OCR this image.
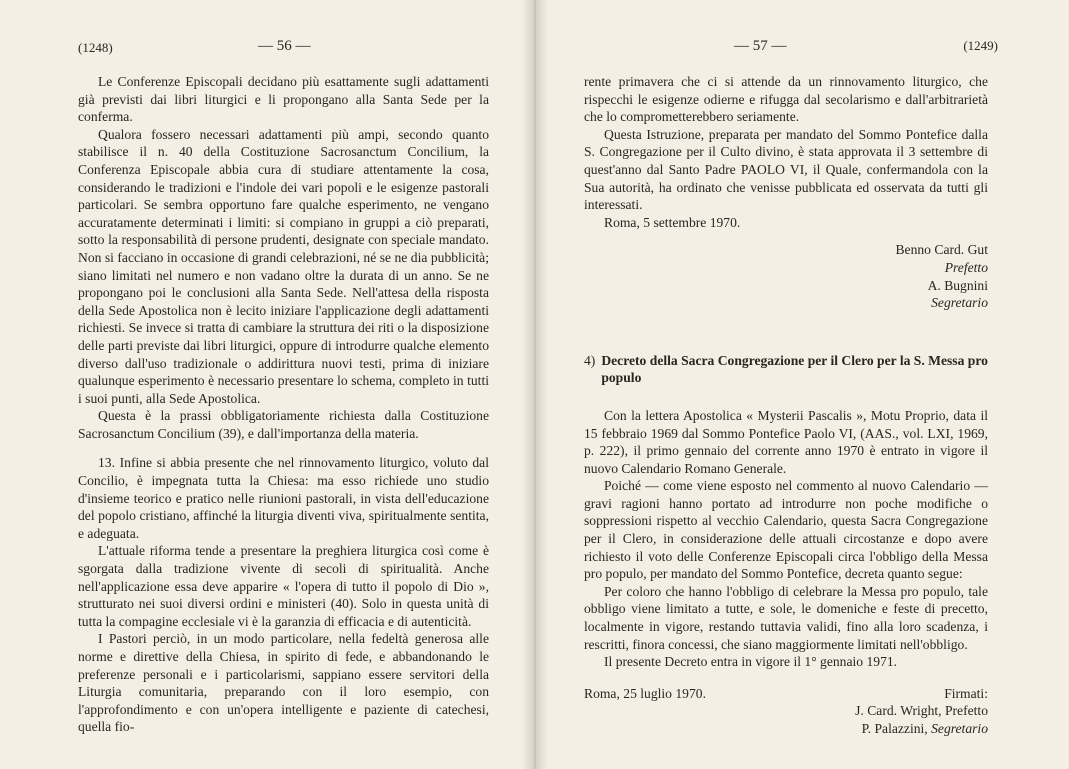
(1248)	— 56 —

Le Conferenze Episcopali decidano più esattamente sugli adattamenti già previsti dai libri liturgici e li propongano alla Santa Sede per la conferma.

Qualora fossero necessari adattamenti più ampi, secondo quanto stabilisce il n. 40 della Costituzione Sacrosanctum Concilium, la Conferenza Episcopale abbia cura di studiare attentamente la cosa, considerando le tradizioni e l'indole dei vari popoli e le esigenze pastorali particolari. Se sembra opportuno fare qualche esperimento, ne vengano accuratamente determinati i limiti: si compiano in gruppi a ciò preparati, sotto la responsabilità di persone prudenti, designate con speciale mandato. Non si facciano in occasione di grandi celebrazioni, né se ne dia pubblicità; siano limitati nel numero e non vadano oltre la durata di un anno. Se ne propongano poi le conclusioni alla Santa Sede. Nell'attesa della risposta della Sede Apostolica non è lecito iniziare l'applicazione degli adattamenti richiesti. Se invece si tratta di cambiare la struttura dei riti o la disposizione delle parti previste dai libri liturgici, oppure di introdurre qualche elemento diverso dall'uso tradizionale o addirittura nuovi testi, prima di iniziare qualunque esperimento è necessario presentare lo schema, completo in tutti i suoi punti, alla Sede Apostolica.

Questa è la prassi obbligatoriamente richiesta dalla Costituzione Sacrosanctum Concilium (39), e dall'importanza della materia.

13. Infine si abbia presente che nel rinnovamento liturgico, voluto dal Concilio, è impegnata tutta la Chiesa: ma esso richiede uno studio d'insieme teorico e pratico nelle riunioni pastorali, in vista dell'educazione del popolo cristiano, affinché la liturgia diventi viva, spiritualmente sentita, e adeguata.

L'attuale riforma tende a presentare la preghiera liturgica così come è sgorgata dalla tradizione vivente di secoli di spiritualità. Anche nell'applicazione essa deve apparire « l'opera di tutto il popolo di Dio », strutturato nei suoi diversi ordini e ministeri (40). Solo in questa unità di tutta la compagine ecclesiale vi è la garanzia di efficacia e di autenticità.

I Pastori perciò, in un modo particolare, nella fedeltà generosa alle norme e direttive della Chiesa, in spirito di fede, e abbandonando le preferenze personali e i particolarismi, sappiano essere servitori della Liturgia comunitaria, preparando con il loro esempio, con l'approfondimento e con un'opera intelligente e paziente di catechesi, quella fio-

— 57 —	(1249)

rente primavera che ci si attende da un rinnovamento liturgico, che rispecchi le esigenze odierne e rifugga dal secolarismo e dall'arbitrarietà che lo comprometterebbero seriamente.

Questa Istruzione, preparata per mandato del Sommo Pontefice dalla S. Congregazione per il Culto divino, è stata approvata il 3 settembre di quest'anno dal Santo Padre PAOLO VI, il Quale, confermandola con la Sua autorità, ha ordinato che venisse pubblicata ed osservata da tutti gli interessati.

Roma, 5 settembre 1970.

Benno Card. Gut
Prefetto
A. Bugnini
Segretario
4) Decreto della Sacra Congregazione per il Clero per la S. Messa pro populo

Con la lettera Apostolica « Mysterii Pascalis », Motu Proprio, data il 15 febbraio 1969 dal Sommo Pontefice Paolo VI, (AAS., vol. LXI, 1969, p. 222), il primo gennaio del corrente anno 1970 è entrato in vigore il nuovo Calendario Romano Generale.

Poiché — come viene esposto nel commento al nuovo Calendario — gravi ragioni hanno portato ad introdurre non poche modifiche o soppressioni rispetto al vecchio Calendario, questa Sacra Congregazione per il Clero, in considerazione delle attuali circostanze e dopo avere richiesto il voto delle Conferenze Episcopali circa l'obbligo della Messa pro populo, per mandato del Sommo Pontefice, decreta quanto segue:

Per coloro che hanno l'obbligo di celebrare la Messa pro populo, tale obbligo viene limitato a tutte, e sole, le domeniche e feste di precetto, localmente in vigore, restando tuttavia validi, fino alla loro scadenza, i rescritti, finora concessi, che siano maggiormente limitati nell'obbligo.

Il presente Decreto entra in vigore il 1° gennaio 1971.

Roma, 25 luglio 1970.	Firmati:
J. Card. Wright, Prefetto
P. Palazzini, Segretario
